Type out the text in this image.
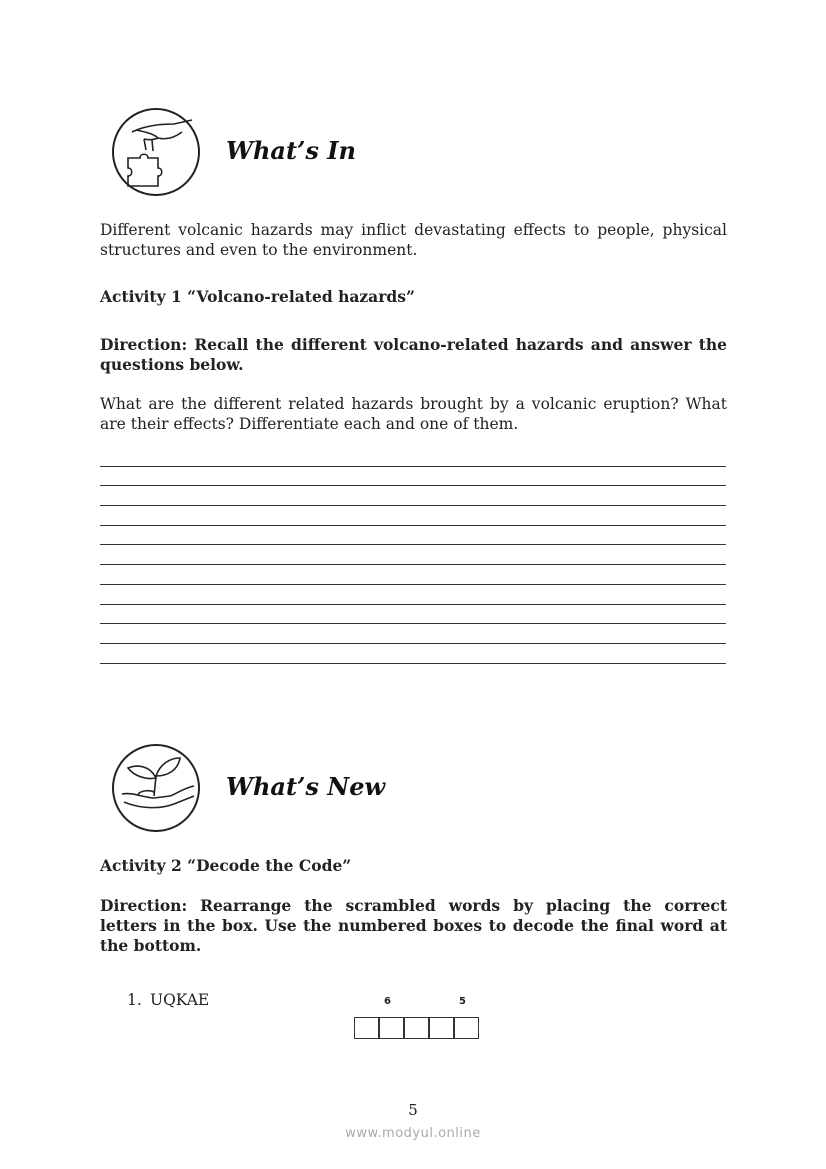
What’s In

Different volcanic hazards may inflict devastating effects to people, physical structures and even to the environment.

Activity 1 “Volcano-related hazards”

Direction: Recall the different volcano-related hazards and answer the questions below.

What are the different related hazards brought by a volcanic eruption? What are their effects? Differentiate each and one of them.

What’s New

Activity 2 “Decode the Code”

Direction: Rearrange the scrambled words by placing the correct letters in the box. Use the numbered boxes to decode the final word at the bottom.

1. UQKAE	6	5
5
www.modyul.online
